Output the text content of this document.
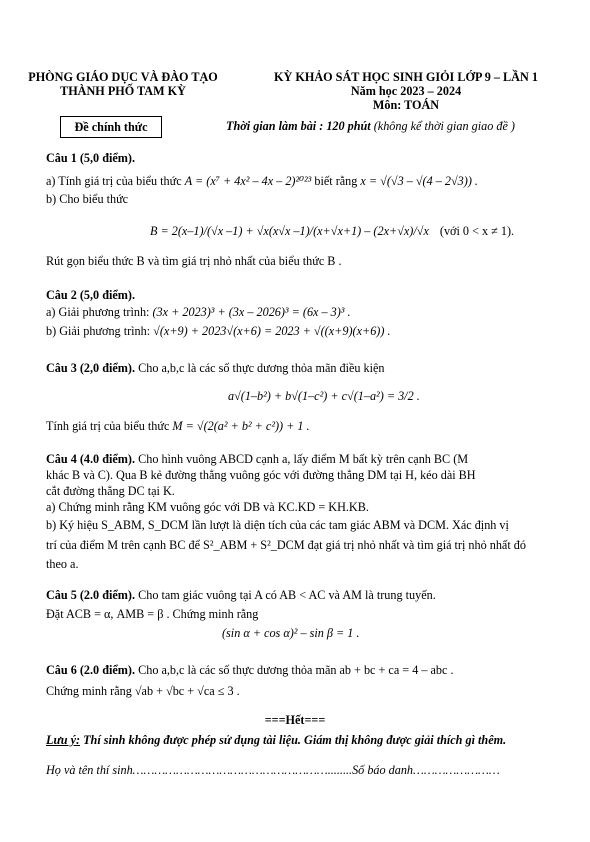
PHÒNG GIÁO DỤC VÀ ĐÀO TẠO
THÀNH PHỐ TAM KỲ
KỲ KHẢO SÁT HỌC SINH GIỎI LỚP 9 – LẦN 1
Năm học 2023 – 2024
Môn: TOÁN
Đề chính thức	Thời gian làm bài : 120 phút (không kể thời gian giao đề )
Câu 1 (5,0 điểm).
a) Tính giá trị của biểu thức A = (x⁷ + 4x² – 4x – 2)²⁰²³ biết rằng x = √(√3 – √(4 – 2√3)) .
b) Cho biểu thức
B = 2(x–1)/(√x –1) + √x(x√x –1)/(x+√x+1) – (2x+√x)/√x (với 0 < x ≠ 1).
Rút gọn biểu thức B và tìm giá trị nhỏ nhất của biểu thức B .
Câu 2 (5,0 điểm).
a) Giải phương trình: (3x + 2023)³ + (3x – 2026)³ = (6x – 3)³ .
b) Giải phương trình: √(x+9) + 2023√(x+6) = 2023 + √((x+9)(x+6)) .
Câu 3 (2,0 điểm). Cho a,b,c là các số thực dương thỏa mãn điều kiện
a√(1–b²) + b√(1–c²) + c√(1–a²) = 3/2 .
Tính giá trị của biểu thức M = √(2(a² + b² + c²)) + 1 .
Câu 4 (4.0 điểm). Cho hình vuông ABCD cạnh a, lấy điểm M bất kỳ trên cạnh BC (M
khác B và C). Qua B kẻ đường thẳng vuông góc với đường thẳng DM tại H, kéo dài BH
cắt đường thẳng DC tại K.
a) Chứng minh rằng KM vuông góc với DB và KC.KD = KH.KB.
b) Ký hiệu S_ABM, S_DCM lần lượt là diện tích của các tam giác ABM và DCM. Xác định vị
trí của điểm M trên cạnh BC để S²_ABM + S²_DCM đạt giá trị nhỏ nhất và tìm giá trị nhỏ nhất đó
theo a.
Câu 5 (2.0 điểm). Cho tam giác vuông tại A có AB < AC và AM là trung tuyến.
Đặt ACB = α, AMB = β . Chứng minh rằng
(sin α + cos α)² – sin β = 1 .
Câu 6 (2.0 điểm). Cho a,b,c là các số thực dương thỏa mãn ab + bc + ca = 4 – abc .
Chứng minh rằng √ab + √bc + √ca ≤ 3 .
===Hết===
Lưu ý: Thí sinh không được phép sử dụng tài liệu. Giám thị không được giải thích gì thêm.
Họ và tên thí sinh………………………………………………........Số báo danh……………………
